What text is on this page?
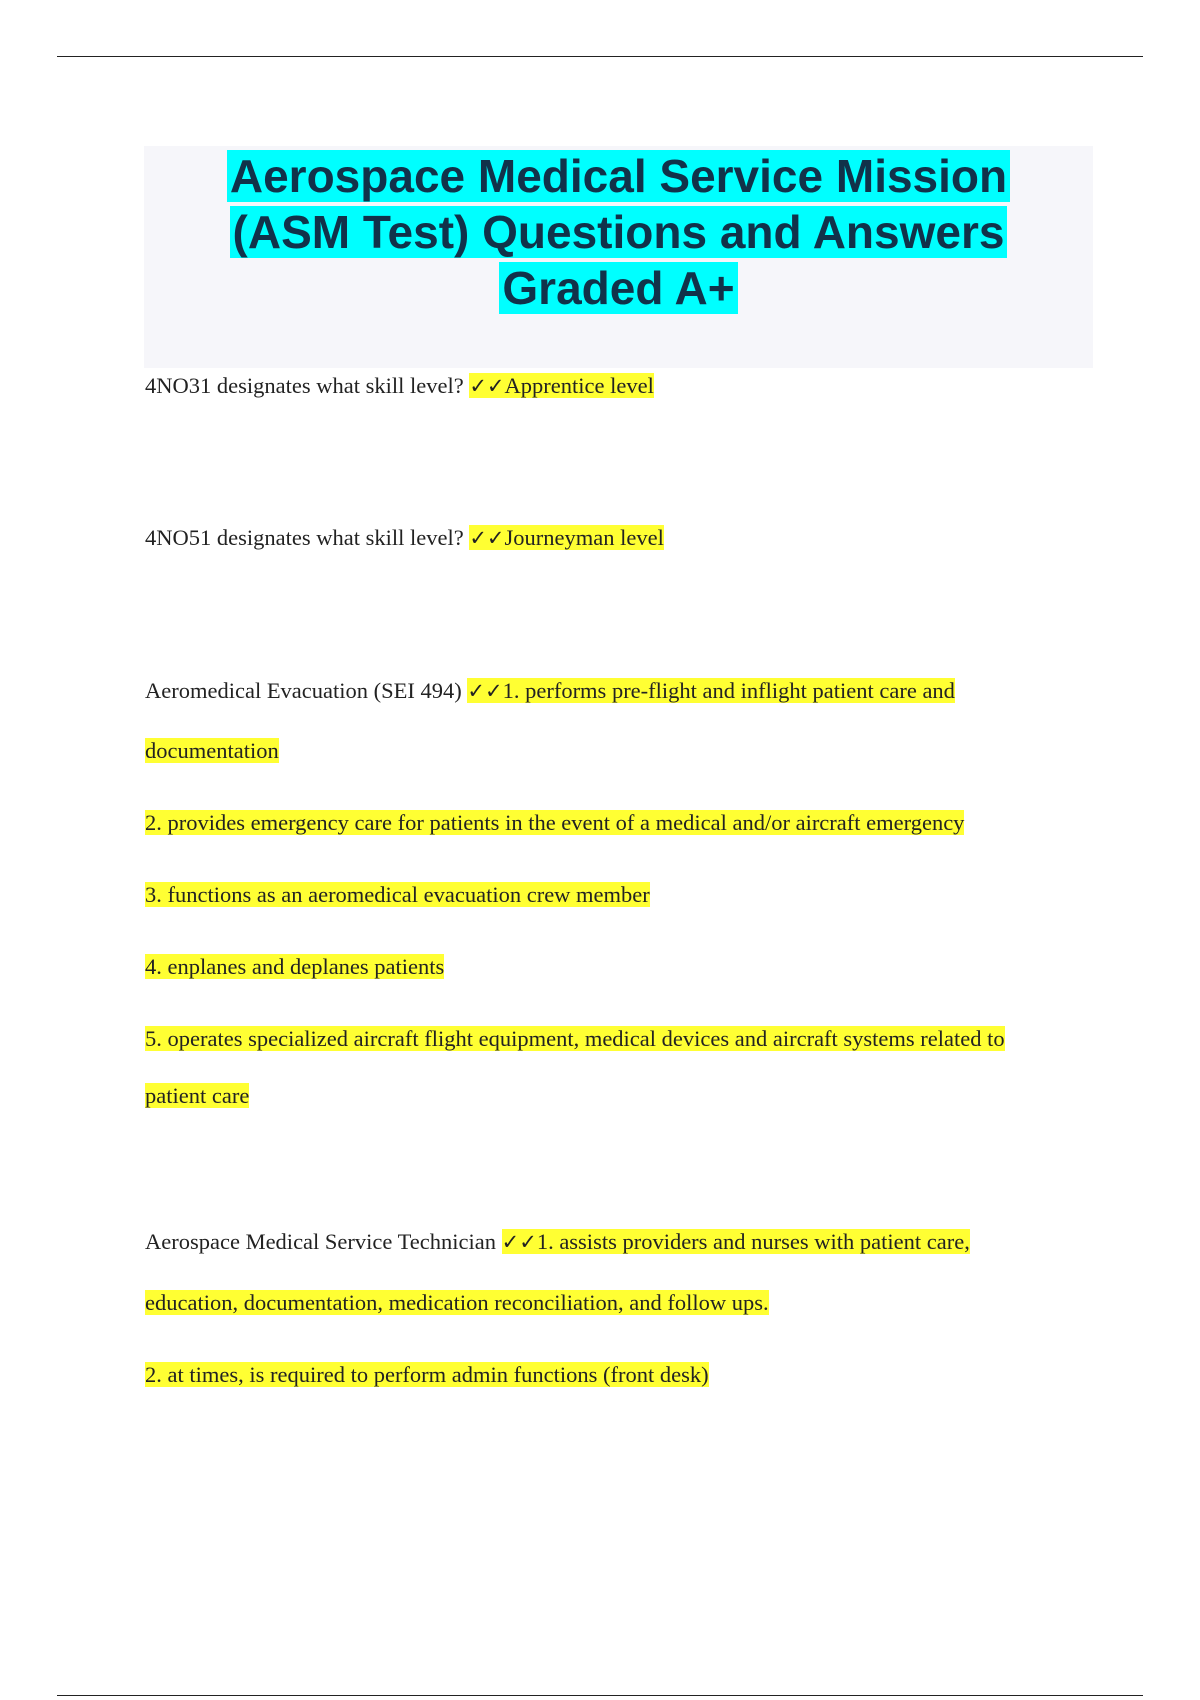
Aerospace Medical Service Mission
(ASM Test) Questions and Answers
Graded A+
4NO31 designates what skill level? ✓✓Apprentice level
4NO51 designates what skill level? ✓✓Journeyman level
Aeromedical Evacuation (SEI 494) ✓✓1. performs pre-flight and inflight patient care and
documentation
2. provides emergency care for patients in the event of a medical and/or aircraft emergency
3. functions as an aeromedical evacuation crew member
4. enplanes and deplanes patients
5. operates specialized aircraft flight equipment, medical devices and aircraft systems related to
patient care
Aerospace Medical Service Technician ✓✓1. assists providers and nurses with patient care,
education, documentation, medication reconciliation, and follow ups.
2. at times, is required to perform admin functions (front desk)
